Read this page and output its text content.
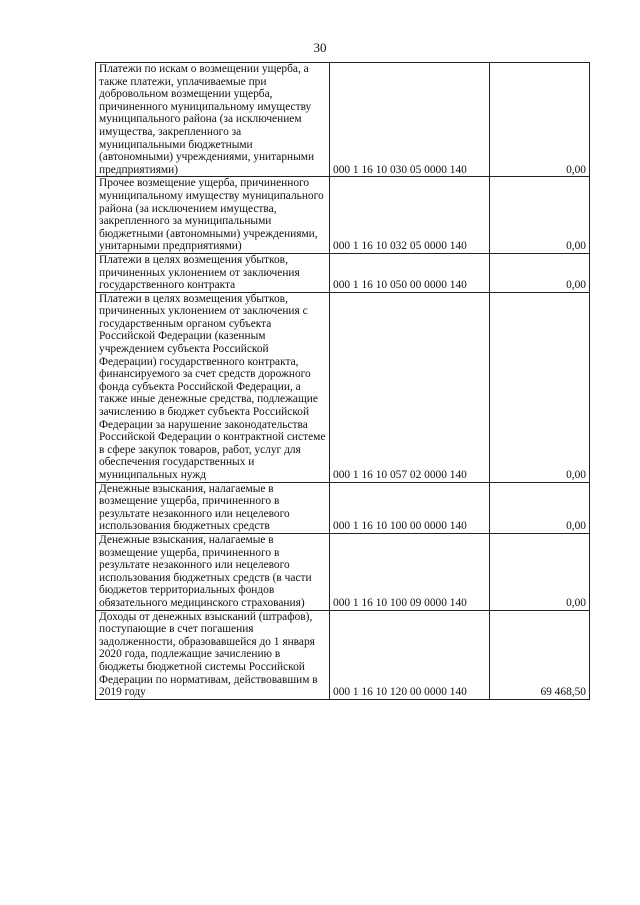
30
Платежи по искам о возмещении ущерба, а также платежи, уплачиваемые при добровольном возмещении ущерба, причиненного муниципальному имуществу муниципального района (за исключением имущества, закрепленного за муниципальными бюджетными (автономными) учреждениями, унитарными предприятиями)	000 1 16 10 030 05 0000 140	0,00
Прочее возмещение ущерба, причиненного муниципальному имуществу муниципального района (за исключением имущества, закрепленного за муниципальными бюджетными (автономными) учреждениями, унитарными предприятиями)	000 1 16 10 032 05 0000 140	0,00
Платежи в целях возмещения убытков, причиненных уклонением от заключения государственного контракта	000 1 16 10 050 00 0000 140	0,00
Платежи в целях возмещения убытков, причиненных уклонением от заключения с государственным органом субъекта Российской Федерации (казенным учреждением субъекта Российской Федерации) государственного контракта, финансируемого за счет средств дорожного фонда субъекта Российской Федерации, а также иные денежные средства, подлежащие зачислению в бюджет субъекта Российской Федерации за нарушение законодательства Российской Федерации о контрактной системе в сфере закупок товаров, работ, услуг для обеспечения государственных и муниципальных нужд	000 1 16 10 057 02 0000 140	0,00
Денежные взыскания, налагаемые в возмещение ущерба, причиненного в результате незаконного или нецелевого использования бюджетных средств	000 1 16 10 100 00 0000 140	0,00
Денежные взыскания, налагаемые в возмещение ущерба, причиненного в результате незаконного или нецелевого использования бюджетных средств (в части бюджетов территориальных фондов обязательного медицинского страхования)	000 1 16 10 100 09 0000 140	0,00
Доходы от денежных взысканий (штрафов), поступающие в счет погашения задолженности, образовавшейся до 1 января 2020 года, подлежащие зачислению в бюджеты бюджетной системы Российской Федерации по нормативам, действовавшим в 2019 году	000 1 16 10 120 00 0000 140	69 468,50
